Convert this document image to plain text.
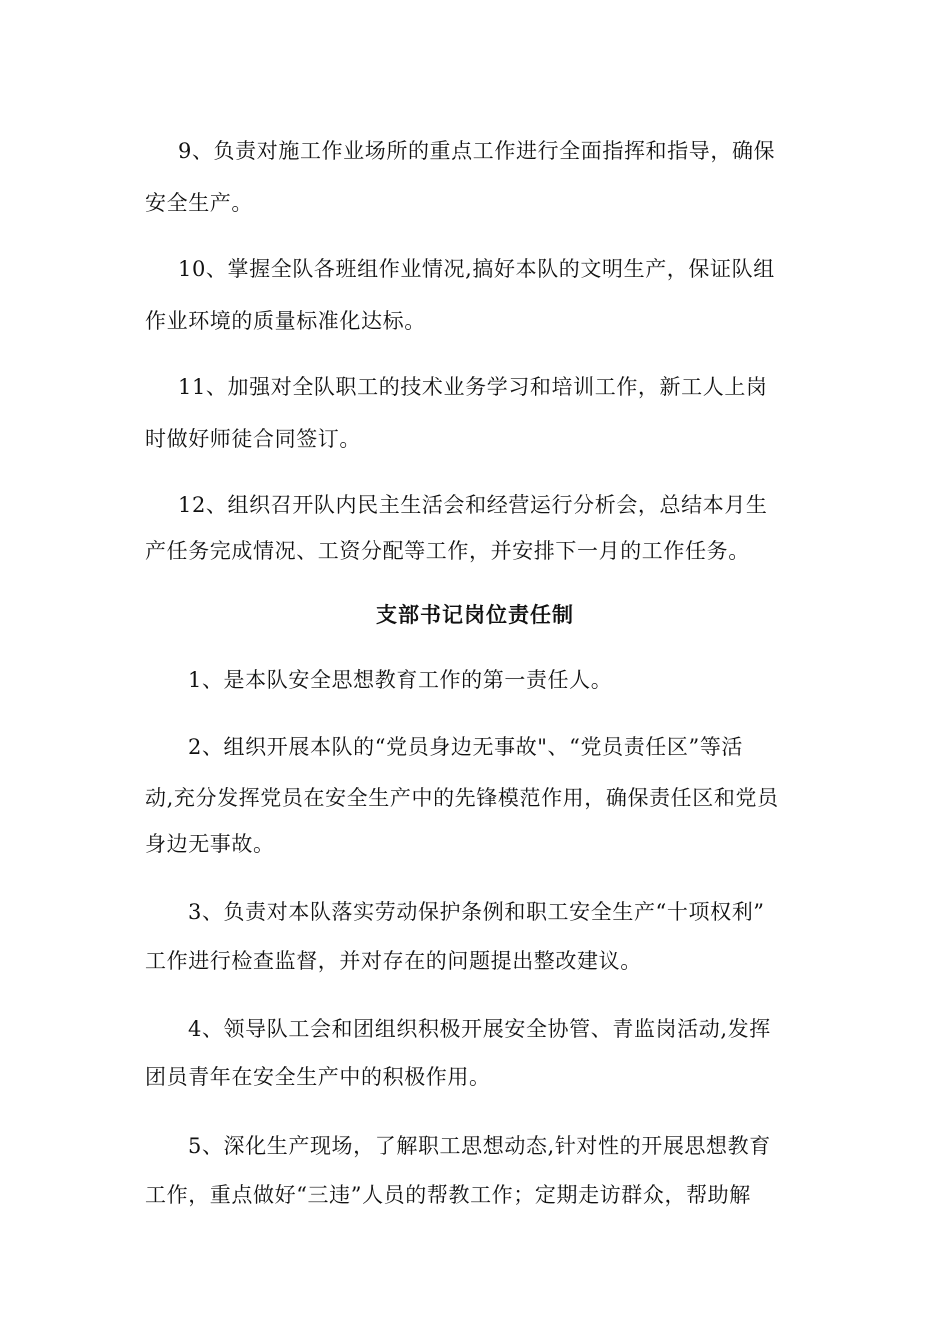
9、负责对施工作业场所的重点工作进行全面指挥和指导，确保
安全生产。
10、掌握全队各班组作业情况,搞好本队的文明生产，保证队组
作业环境的质量标准化达标。
11、加强对全队职工的技术业务学习和培训工作，新工人上岗
时做好师徒合同签订。
12、组织召开队内民主生活会和经营运行分析会，总结本月生
产任务完成情况、工资分配等工作，并安排下一月的工作任务。
支部书记岗位责任制
1、是本队安全思想教育工作的第一责任人。
2、组织开展本队的“党员身边无事故"、“党员责任区”等活
动,充分发挥党员在安全生产中的先锋模范作用，确保责任区和党员
身边无事故。
3、负责对本队落实劳动保护条例和职工安全生产“十项权利”
工作进行检查监督，并对存在的问题提出整改建议。
4、领导队工会和团组织积极开展安全协管、青监岗活动,发挥
团员青年在安全生产中的积极作用。
5、深化生产现场，了解职工思想动态,针对性的开展思想教育
工作，重点做好“三违”人员的帮教工作；定期走访群众，帮助解
